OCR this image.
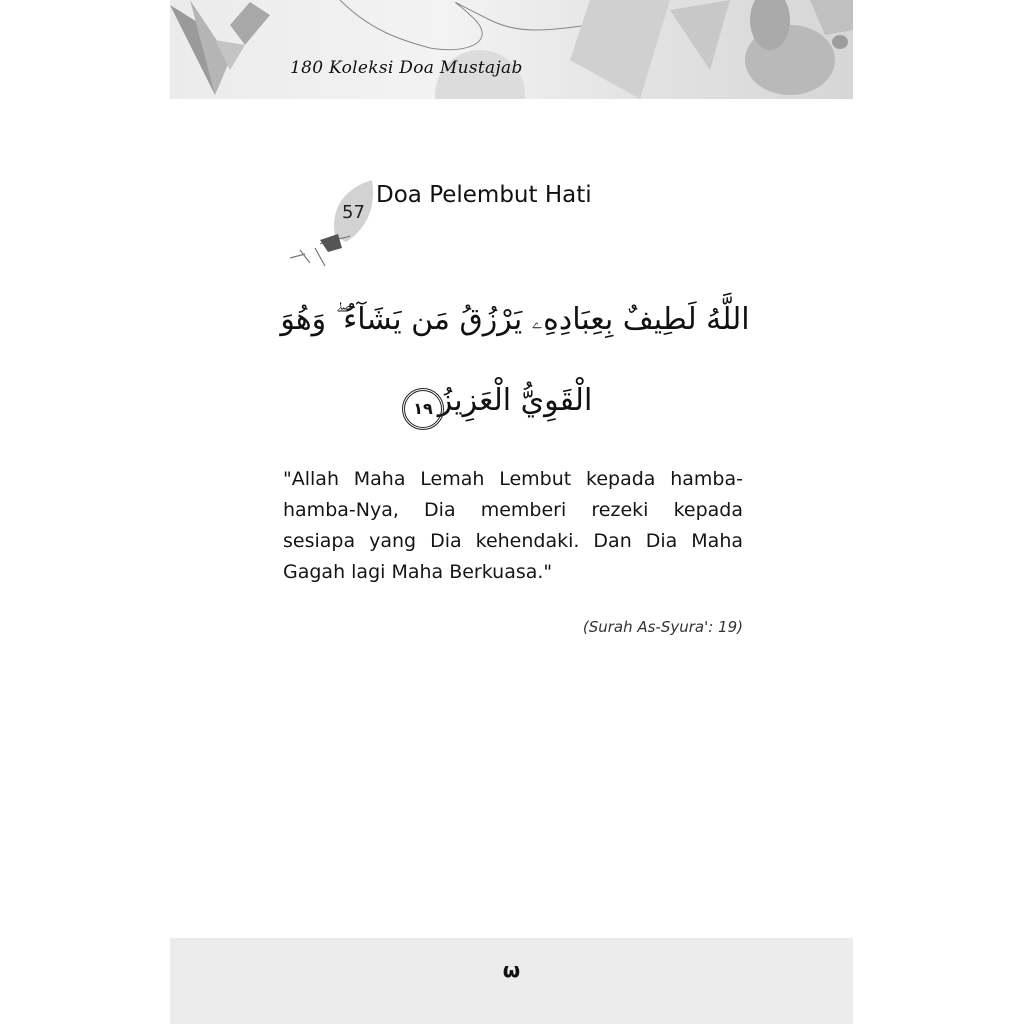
180 Koleksi Doa Mustajab
57
Doa Pelembut Hati
اللَّهُ لَطِيفٌ بِعِبَادِهِۦ يَرْزُقُ مَن يَشَآءُ ۖ وَهُوَ
الْقَوِيُّ الْعَزِيزُ
١٩
"Allah Maha Lemah Lembut kepada hamba-hamba-Nya, Dia memberi rezeki kepada sesiapa yang Dia kehendaki. Dan Dia Maha Gagah lagi Maha Berkuasa."
(Surah As-Syura': 19)
ω
